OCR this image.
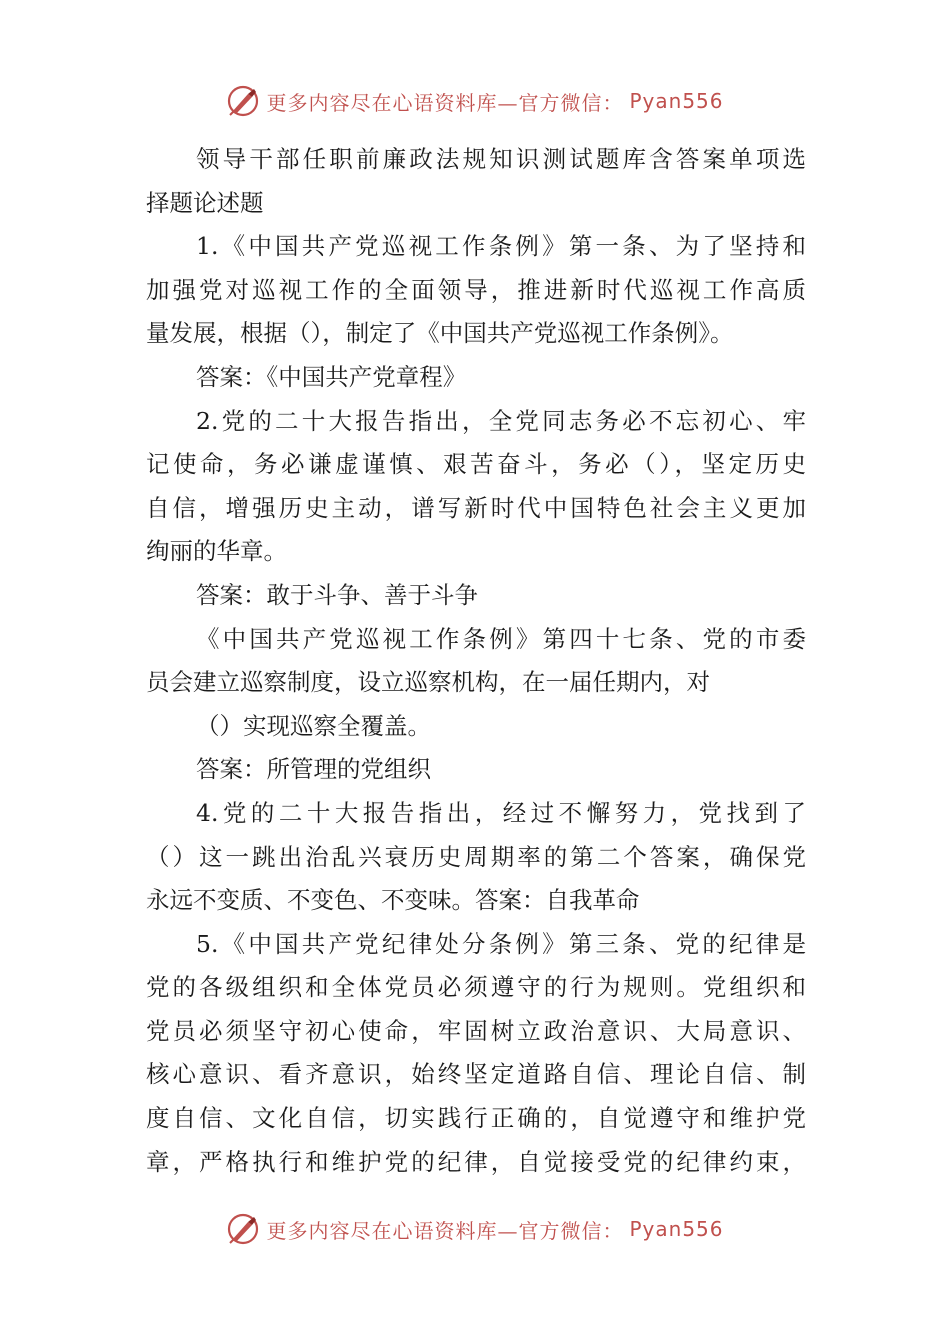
更多内容尽在心语资料库—官方微信： Pyan556
领导干部任职前廉政法规知识测试题库含答案单项选
择题论述题
1.《中国共产党巡视工作条例》第一条、为了坚持和
加强党对巡视工作的全面领导，推进新时代巡视工作高质
量发展，根据（），制定了《中国共产党巡视工作条例》。
答案：《中国共产党章程》
2.党的二十大报告指出，全党同志务必不忘初心、牢
记使命，务必谦虚谨慎、艰苦奋斗，务必（），坚定历史
自信，增强历史主动，谱写新时代中国特色社会主义更加
绚丽的华章。
答案：敢于斗争、善于斗争
《中国共产党巡视工作条例》第四十七条、党的市委
员会建立巡察制度，设立巡察机构，在一届任期内，对
（）实现巡察全覆盖。
答案：所管理的党组织
4.党的二十大报告指出，经过不懈努力，党找到了
（）这一跳出治乱兴衰历史周期率的第二个答案，确保党
永远不变质、不变色、不变味。答案：自我革命
5.《中国共产党纪律处分条例》第三条、党的纪律是
党的各级组织和全体党员必须遵守的行为规则。党组织和
党员必须坚守初心使命，牢固树立政治意识、大局意识、
核心意识、看齐意识，始终坚定道路自信、理论自信、制
度自信、文化自信，切实践行正确的，自觉遵守和维护党
章，严格执行和维护党的纪律，自觉接受党的纪律约束，
更多内容尽在心语资料库—官方微信： Pyan556
